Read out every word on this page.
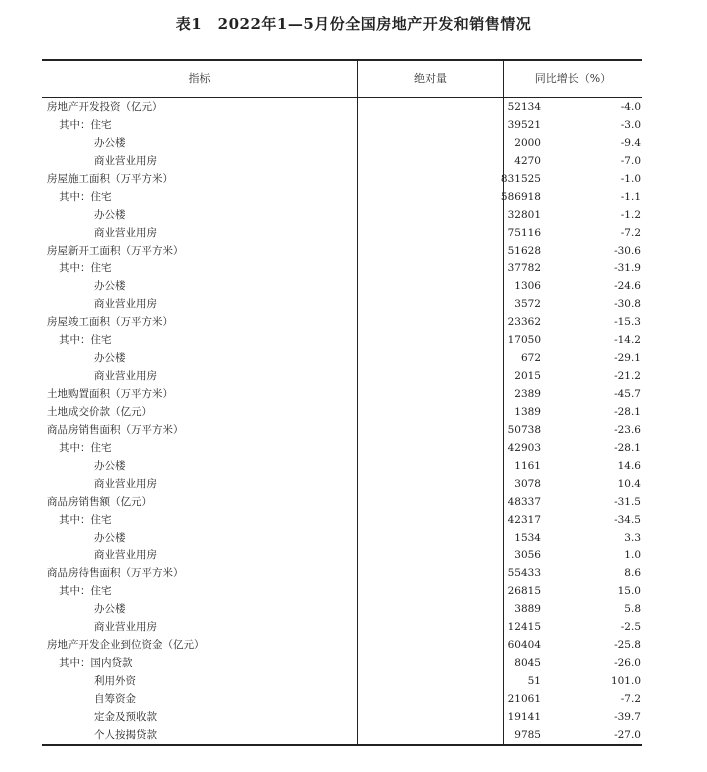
表1　2022年1—5月份全国房地产开发和销售情况
指标	绝对量	同比增长（%）
房地产开发投资（亿元）	52134	-4.0
其中：住宅	39521	-3.0
办公楼	2000	-9.4
商业营业用房	4270	-7.0
房屋施工面积（万平方米）	831525	-1.0
其中：住宅	586918	-1.1
办公楼	32801	-1.2
商业营业用房	75116	-7.2
房屋新开工面积（万平方米）	51628	-30.6
其中：住宅	37782	-31.9
办公楼	1306	-24.6
商业营业用房	3572	-30.8
房屋竣工面积（万平方米）	23362	-15.3
其中：住宅	17050	-14.2
办公楼	672	-29.1
商业营业用房	2015	-21.2
土地购置面积（万平方米）	2389	-45.7
土地成交价款（亿元）	1389	-28.1
商品房销售面积（万平方米）	50738	-23.6
其中：住宅	42903	-28.1
办公楼	1161	14.6
商业营业用房	3078	10.4
商品房销售额（亿元）	48337	-31.5
其中：住宅	42317	-34.5
办公楼	1534	3.3
商业营业用房	3056	1.0
商品房待售面积（万平方米）	55433	8.6
其中：住宅	26815	15.0
办公楼	3889	5.8
商业营业用房	12415	-2.5
房地产开发企业到位资金（亿元）	60404	-25.8
其中：国内贷款	8045	-26.0
利用外资	51	101.0
自筹资金	21061	-7.2
定金及预收款	19141	-39.7
个人按揭贷款	9785	-27.0
